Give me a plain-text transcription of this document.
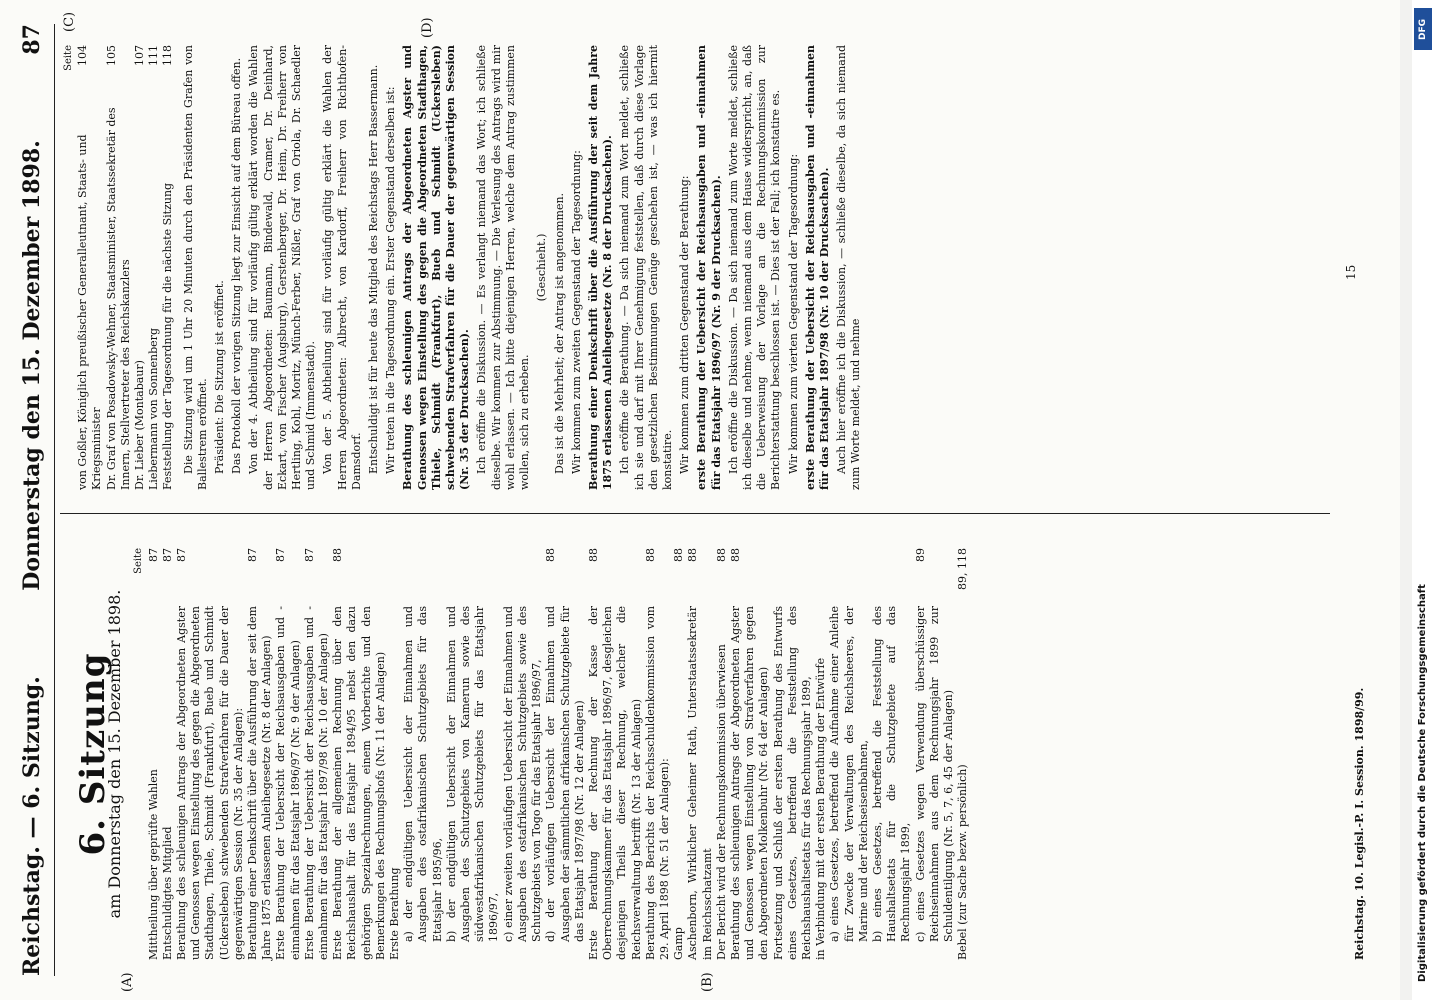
Reichstag. — 6. Sitzung.
Donnerstag den 15. Dezember 1898.
87
(A)	(B)
(C)	(D)
6. Sitzung
am Donnerstag den 15. Dezember 1898.
Seite
Mittheilung über geprüfte Wahlen
87
Entschuldigtes Mitglied
87
Berathung des schleunigen Antrags der Abgeordneten Agster und Genossen wegen Einstellung des gegen die Abgeordneten Stadthagen, Thiele, Schmidt (Frankfurt), Bueb und Schmidt (Uckersleben) schwebenden Strafverfahren für die Dauer der gegenwärtigen Session (Nr. 35 der Anlagen):
87
Berathung einer Denkschrift über die Ausführung der seit dem Jahre 1875 erlassenen Anleihegesetze (Nr. 8 der Anlagen)
87
Erste Berathung der Uebersicht der Reichsausgaben und -einnahmen für das Etatsjahr 1896/97 (Nr. 9 der Anlagen)
87
Erste Berathung der Uebersicht der Reichsausgaben und -einnahmen für das Etatsjahr 1897/98 (Nr. 10 der Anlagen)
87
Erste Berathung der allgemeinen Rechnung über den Reichshaushalt für das Etatsjahr 1894/95 nebst den dazu gehörigen Spezialrechnungen, einem Vorberichte und den Bemerkungen des Rechnungshofs (Nr. 11 der Anlagen)
88
Erste Berathung a) der endgültigen Uebersicht der Einnahmen und Ausgaben des ostafrikanischen Schutzgebiets für das Etatsjahr 1895/96, b) der endgültigen Uebersicht der Einnahmen und Ausgaben des Schutzgebiets von Kamerun sowie des südwestafrikanischen Schutzgebiets für das Etatsjahr 1896/97, c) einer zweiten vorläufigen Uebersicht der Einnahmen und Ausgaben des ostafrikanischen Schutzgebiets sowie des Schutzgebiets von Togo für das Etatsjahr 1896/97, d) der vorläufigen Uebersicht der Einnahmen und Ausgaben der sämmtlichen afrikanischen Schutzgebiete für das Etatsjahr 1897/98 (Nr. 12 der Anlagen)
88
Erste Berathung der Rechnung der Kasse der Oberrechnungskammer für das Etatsjahr 1896/97, desgleichen desjenigen Theils dieser Rechnung, welcher die Reichsverwaltung betrifft (Nr. 13 der Anlagen)
88
Berathung des Berichts der Reichsschuldenkommission vom 29. April 1898 (Nr. 51 der Anlagen):
88
Gamp
88
Aschenborn, Wirklicher Geheimer Rath, Unterstaatssekretär im Reichsschatzamt
88
Der Bericht wird der Rechnungskommission überwiesen
88
Berathung des schleunigen Antrags der Abgeordneten Agster und Genossen wegen Einstellung von Strafverfahren gegen den Abgeordneten Molkenbuhr (Nr. 64 der Anlagen)
88
Fortsetzung und Schluß der ersten Berathung des Entwurfs eines Gesetzes, betreffend die Feststellung des Reichshaushaltsetats für das Rechnungsjahr 1899, in Verbindung mit der ersten Berathung der Entwürfe a) eines Gesetzes, betreffend die Aufnahme einer Anleihe für Zwecke der Verwaltungen des Reichsheeres, der Marine und der Reichseisenbahnen, b) eines Gesetzes, betreffend die Feststellung des Haushaltsetats für die Schutzgebiete auf das Rechnungsjahr 1899, c) eines Gesetzes wegen Verwendung überschüssiger Reichseinnahmen aus dem Rechnungsjahr 1899 zur Schuldentilgung (Nr. 5, 7, 6, 45 der Anlagen)
89
Bebel (zur Sache bezw. persönlich)
89, 118
Seite
von Goßler, Königlich preußischer Generalleutnant, Staats- und Kriegsminister
104
Dr. Graf von Posadowsky-Wehner, Staatsminister, Staatssekretär des Innern, Stellvertreter des Reichskanzlers
105
Dr. Lieber (Montabaur)
107
Liebermann von Sonnenberg
111
Feststellung der Tagesordnung für die nächste Sitzung
118 Die Sitzung wird um 1 Uhr 20 Minuten durch den Präsidenten Grafen von Ballestrem eröffnet. Präsident: Die Sitzung ist eröffnet. Das Protokoll der vorigen Sitzung liegt zur Einsicht auf dem Büreau offen. Von der 4. Abtheilung sind für vorläufig gültig erklärt worden die Wahlen der Herren Abgeordneten: Baumann, Bindewald, Cramer, Dr. Deinhard, Eckart, von Fischer (Augsburg), Gerstenberger, Dr. Heim, Dr. Freiherr von Hertling, Kohl, Moritz, Münch-Ferber, Nißler, Graf von Oriola, Dr. Schaedler und Schmid (Immenstadt). Von der 5. Abtheilung sind für vorläufig gültig erklärt die Wahlen der Herren Abgeordneten: Albrecht, von Kardorff, Freiherr von Richthofen-Damsdorf. Entschuldigt ist für heute das Mitglied des Reichstags Herr Bassermann. Wir treten in die Tagesordnung ein. Erster Gegenstand derselben ist: Berathung des schleunigen Antrags der Abgeordneten Agster und Genossen wegen Einstellung des gegen die Abgeordneten Stadthagen, Thiele, Schmidt (Frankfurt), Bueb und Schmidt (Uckersleben) schwebenden Strafverfahren für die Dauer der gegenwärtigen Session (Nr. 35 der Drucksachen). Ich eröffne die Diskussion. — Es verlangt niemand das Wort; ich schließe dieselbe. Wir kommen zur Abstimmung. — Die Verlesung des Antrags wird mir wohl erlassen. — Ich bitte diejenigen Herren, welche dem Antrag zustimmen wollen, sich zu erheben.

(Geschieht.) Das ist die Mehrheit; der Antrag ist angenommen. Wir kommen zum zweiten Gegenstand der Tagesordnung: Berathung einer Denkschrift über die Ausführung der seit dem Jahre 1875 erlassenen Anleihegesetze (Nr. 8 der Drucksachen). Ich eröffne die Berathung. — Da sich niemand zum Wort meldet, schließe ich sie und darf mit Ihrer Genehmigung feststellen, daß durch diese Vorlage den gesetzlichen Bestimmungen Genüge geschehen ist, — was ich hiermit konstatire. Wir kommen zum dritten Gegenstand der Berathung: erste Berathung der Uebersicht der Reichsausgaben und -einnahmen für das Etatsjahr 1896/97 (Nr. 9 der Drucksachen). Ich eröffne die Diskussion. — Da sich niemand zum Worte meldet, schließe ich dieselbe und nehme, wenn niemand aus dem Hause widerspricht, an, daß die Ueberweisung der Vorlage an die Rechnungskommission zur Berichterstattung beschlossen ist. — Dies ist der Fall; ich konstatire es. Wir kommen zum vierten Gegenstand der Tagesordnung: erste Berathung der Uebersicht der Reichsausgaben und -einnahmen für das Etatsjahr 1897/98 (Nr. 10 der Drucksachen). Auch hier eröffne ich die Diskussion, — schließe dieselbe, da sich niemand zum Worte meldet, und nehme

Reichstag. 10. Legisl.-P. I. Session. 1898/99.
15
DFG
Digitalisierung gefördert durch die Deutsche Forschungsgemeinschaft
